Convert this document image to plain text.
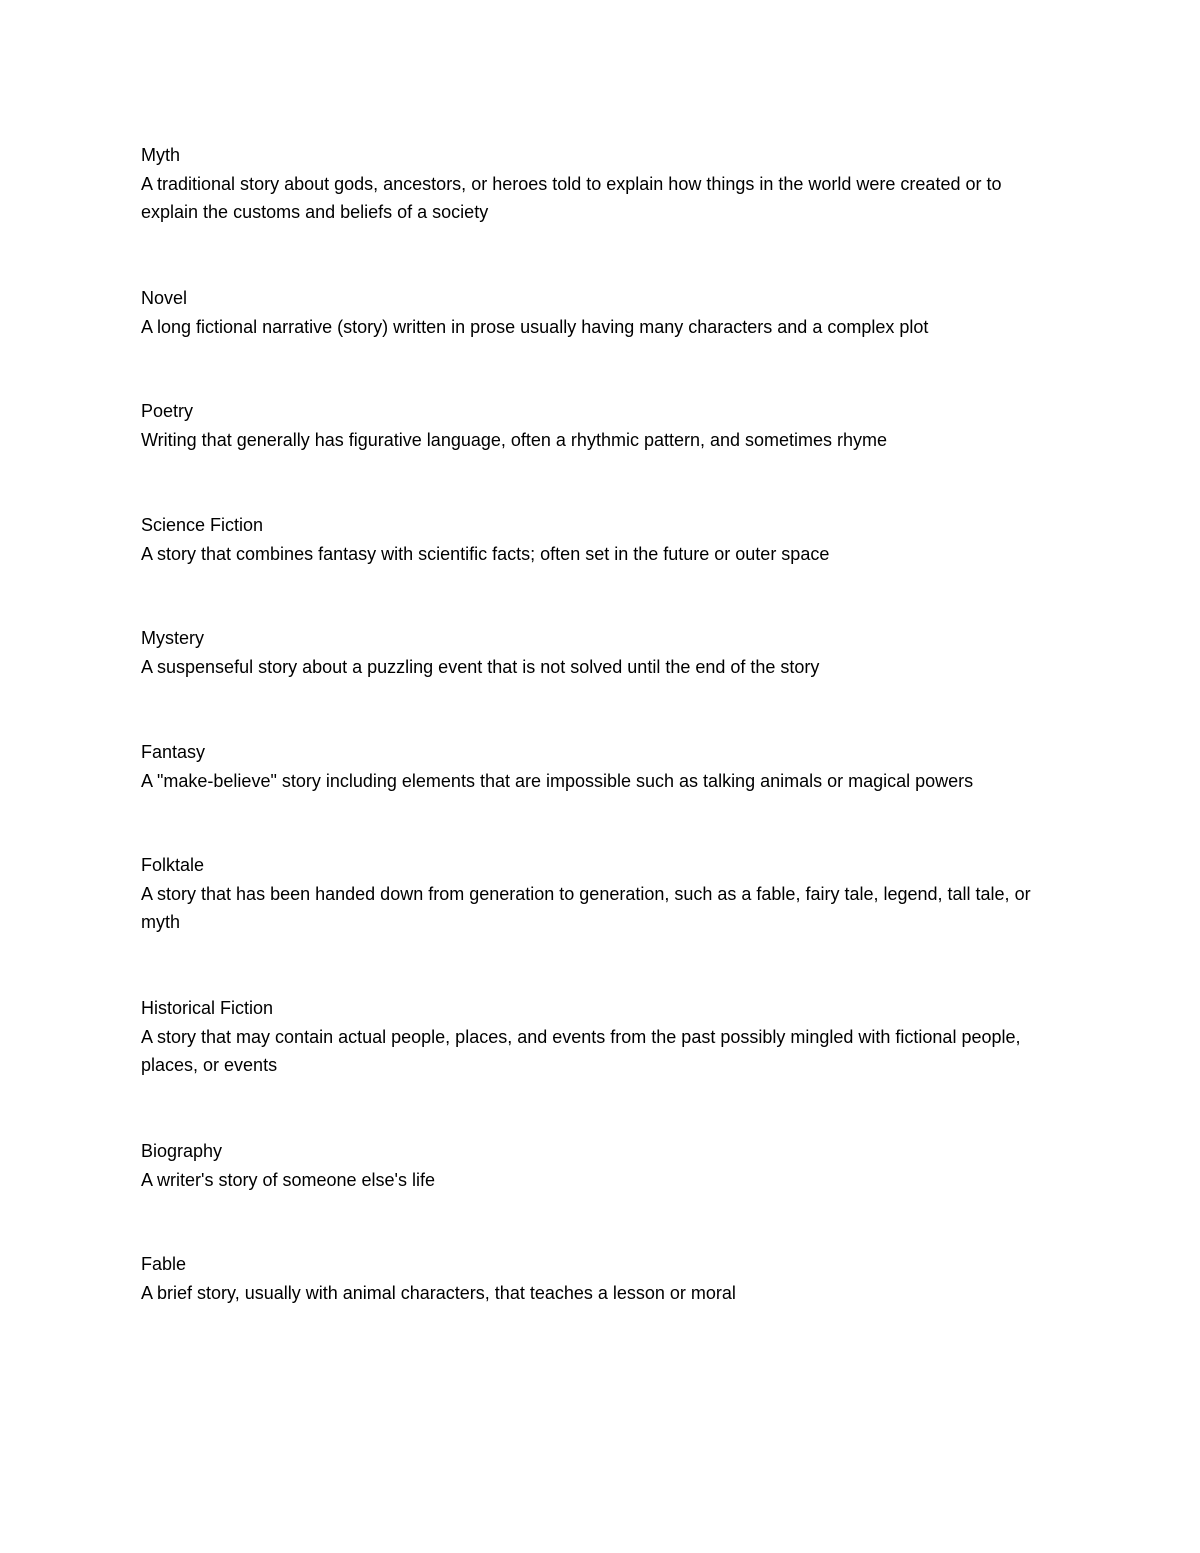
Myth

A traditional story about gods, ancestors, or heroes told to explain how things in the world were created or to explain the customs and beliefs of a society

Novel

A long fictional narrative (story) written in prose usually having many characters and a complex plot

Poetry

Writing that generally has figurative language, often a rhythmic pattern, and sometimes rhyme

Science Fiction

A story that combines fantasy with scientific facts; often set in the future or outer space

Mystery

A suspenseful story about a puzzling event that is not solved until the end of the story

Fantasy

A "make-believe" story including elements that are impossible such as talking animals or magical powers

Folktale

A story that has been handed down from generation to generation, such as a fable, fairy tale, legend, tall tale, or myth

Historical Fiction

A story that may contain actual people, places, and events from the past possibly mingled with fictional people, places, or events

Biography

A writer's story of someone else's life

Fable

A brief story, usually with animal characters, that teaches a lesson or moral
